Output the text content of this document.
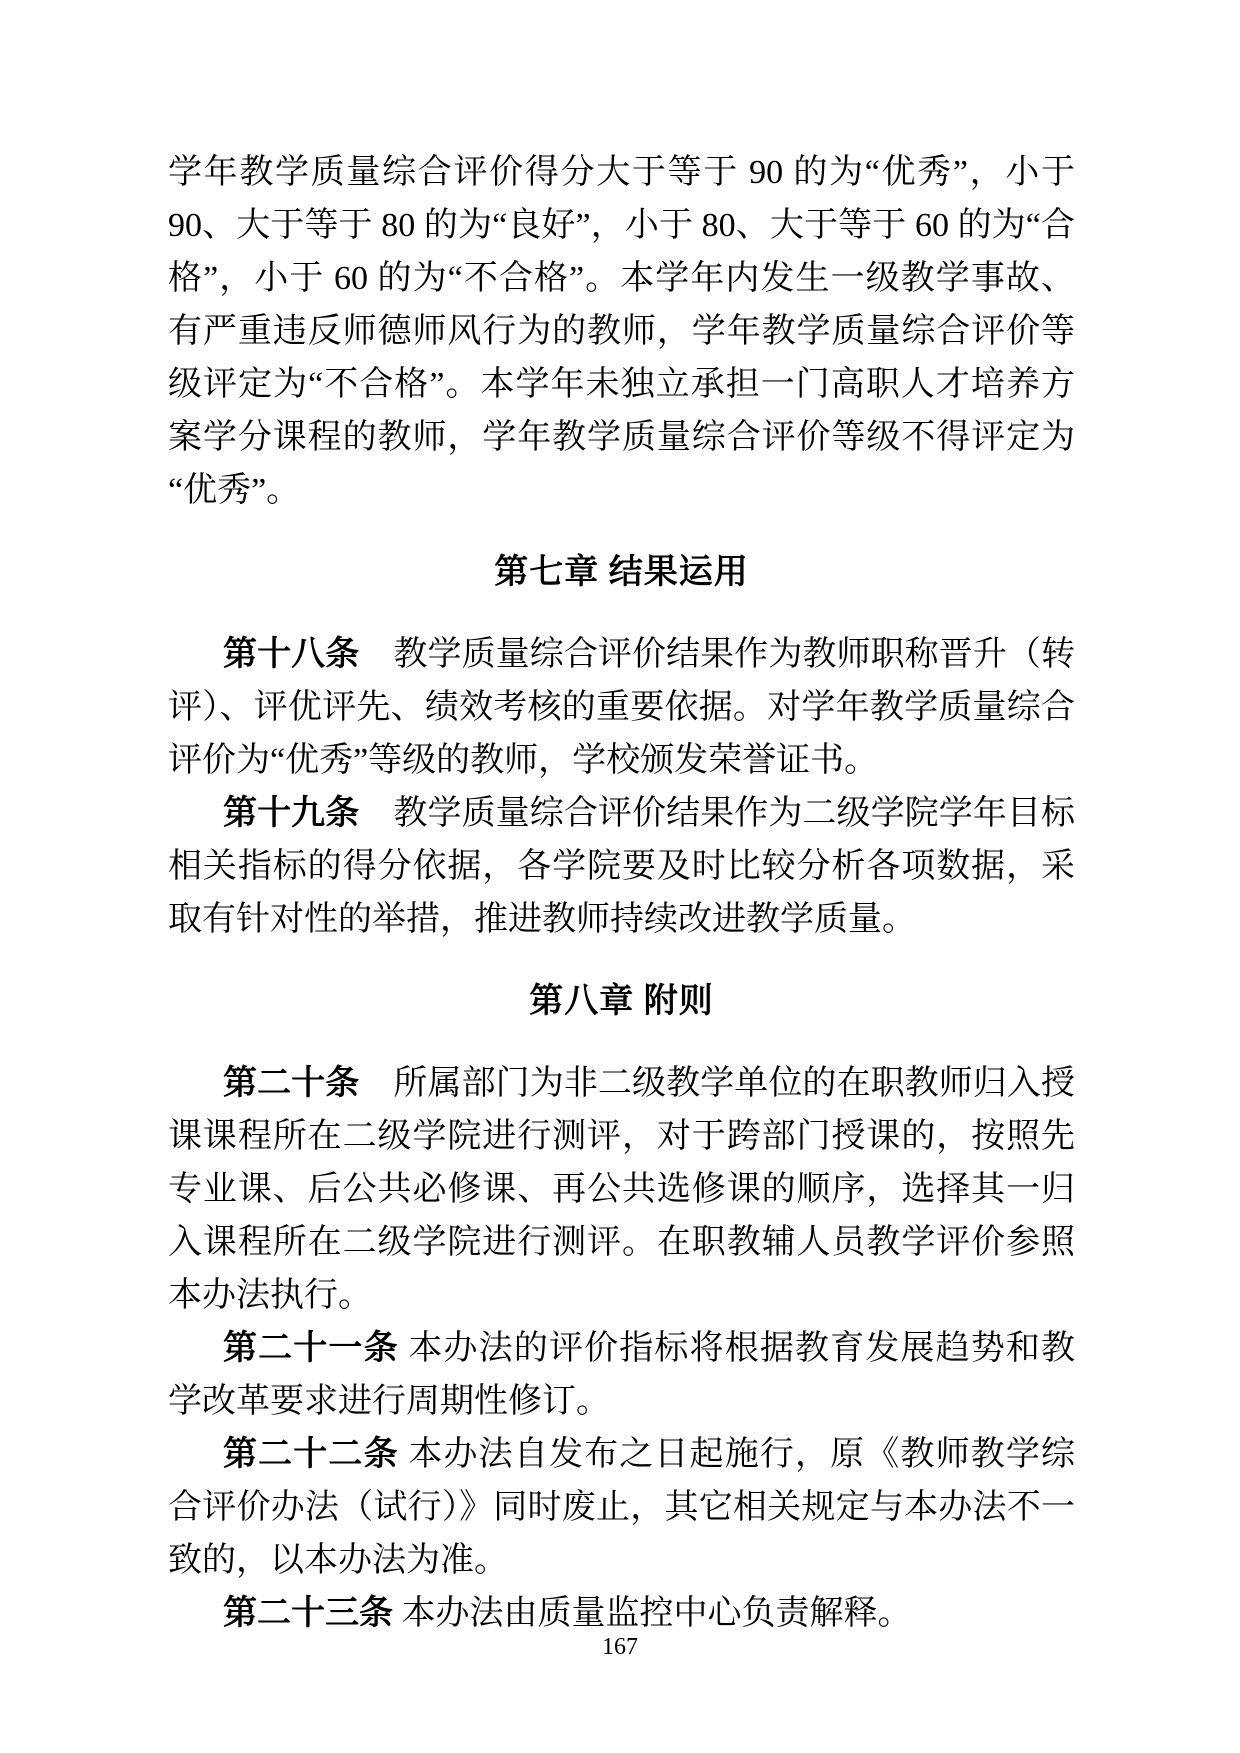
学年教学质量综合评价得分大于等于 90 的为“优秀”，小于 90、大于等于 80 的为“良好”，小于 80、大于等于 60 的为“合格”，小于 60 的为“不合格”。本学年内发生一级教学事故、有严重违反师德师风行为的教师，学年教学质量综合评价等级评定为“不合格”。本学年未独立承担一门高职人才培养方案学分课程的教师，学年教学质量综合评价等级不得评定为“优秀”。

第七章 结果运用

第十八条　教学质量综合评价结果作为教师职称晋升（转评）、评优评先、绩效考核的重要依据。对学年教学质量综合评价为“优秀”等级的教师，学校颁发荣誉证书。

第十九条　教学质量综合评价结果作为二级学院学年目标相关指标的得分依据，各学院要及时比较分析各项数据，采取有针对性的举措，推进教师持续改进教学质量。

第八章 附则

第二十条　所属部门为非二级教学单位的在职教师归入授课课程所在二级学院进行测评，对于跨部门授课的，按照先专业课、后公共必修课、再公共选修课的顺序，选择其一归入课程所在二级学院进行测评。在职教辅人员教学评价参照本办法执行。

第二十一条 本办法的评价指标将根据教育发展趋势和教学改革要求进行周期性修订。

第二十二条 本办法自发布之日起施行，原《教师教学综合评价办法（试行）》同时废止，其它相关规定与本办法不一致的，以本办法为准。

第二十三条 本办法由质量监控中心负责解释。

167
